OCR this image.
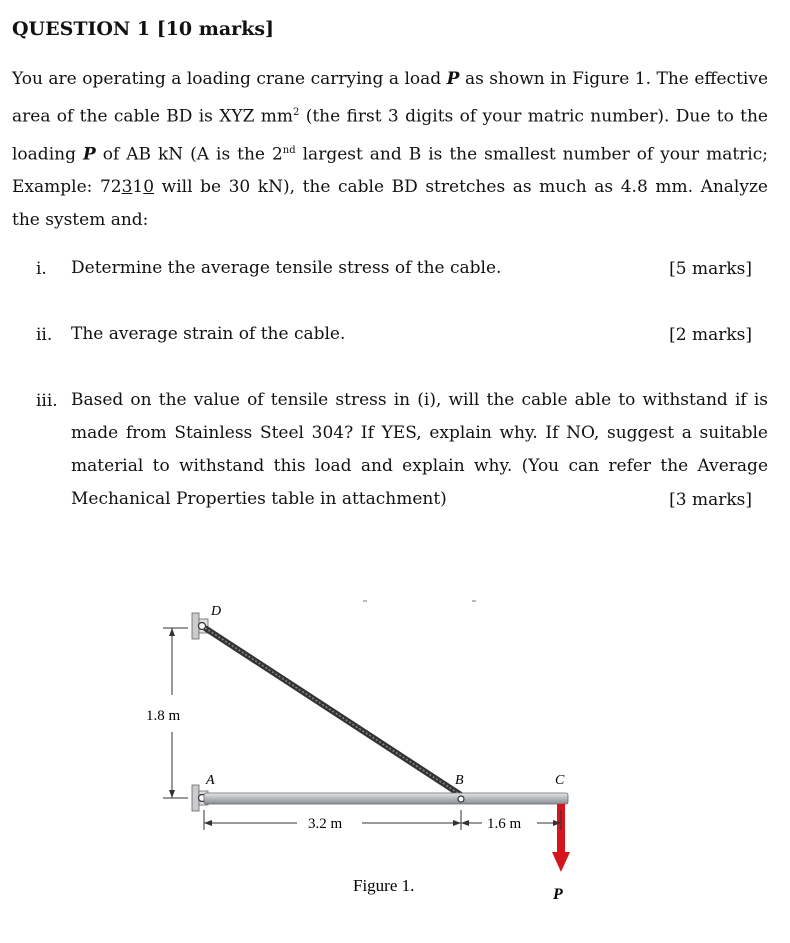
QUESTION 1 [10 marks]
You are operating a loading crane carrying a load P as shown in Figure 1. The effective area of the cable BD is XYZ $mm^2$ (the first 3 digits of your matric number). Due to the loading P of AB kN (A is the 2nd largest and B is the smallest number of your matric; Example: 72310 will be 30 kN), the cable BD stretches as much as 4.8 mm. Analyze the system and:
i. Determine the average tensile stress of the cable.	[5 marks]
ii. The average strain of the cable.	[2 marks]
iii. Based on the value of tensile stress in (i), will the cable able to withstand if is
made from Stainless Steel 304? If YES, explain why. If NO, suggest a suitable
material to withstand this load and explain why. (You can refer the Average
Mechanical Properties table in attachment)	[3 marks]
D
A	B	C
1.8 m
3.2 m	1.6 m
Figure 1.	P
